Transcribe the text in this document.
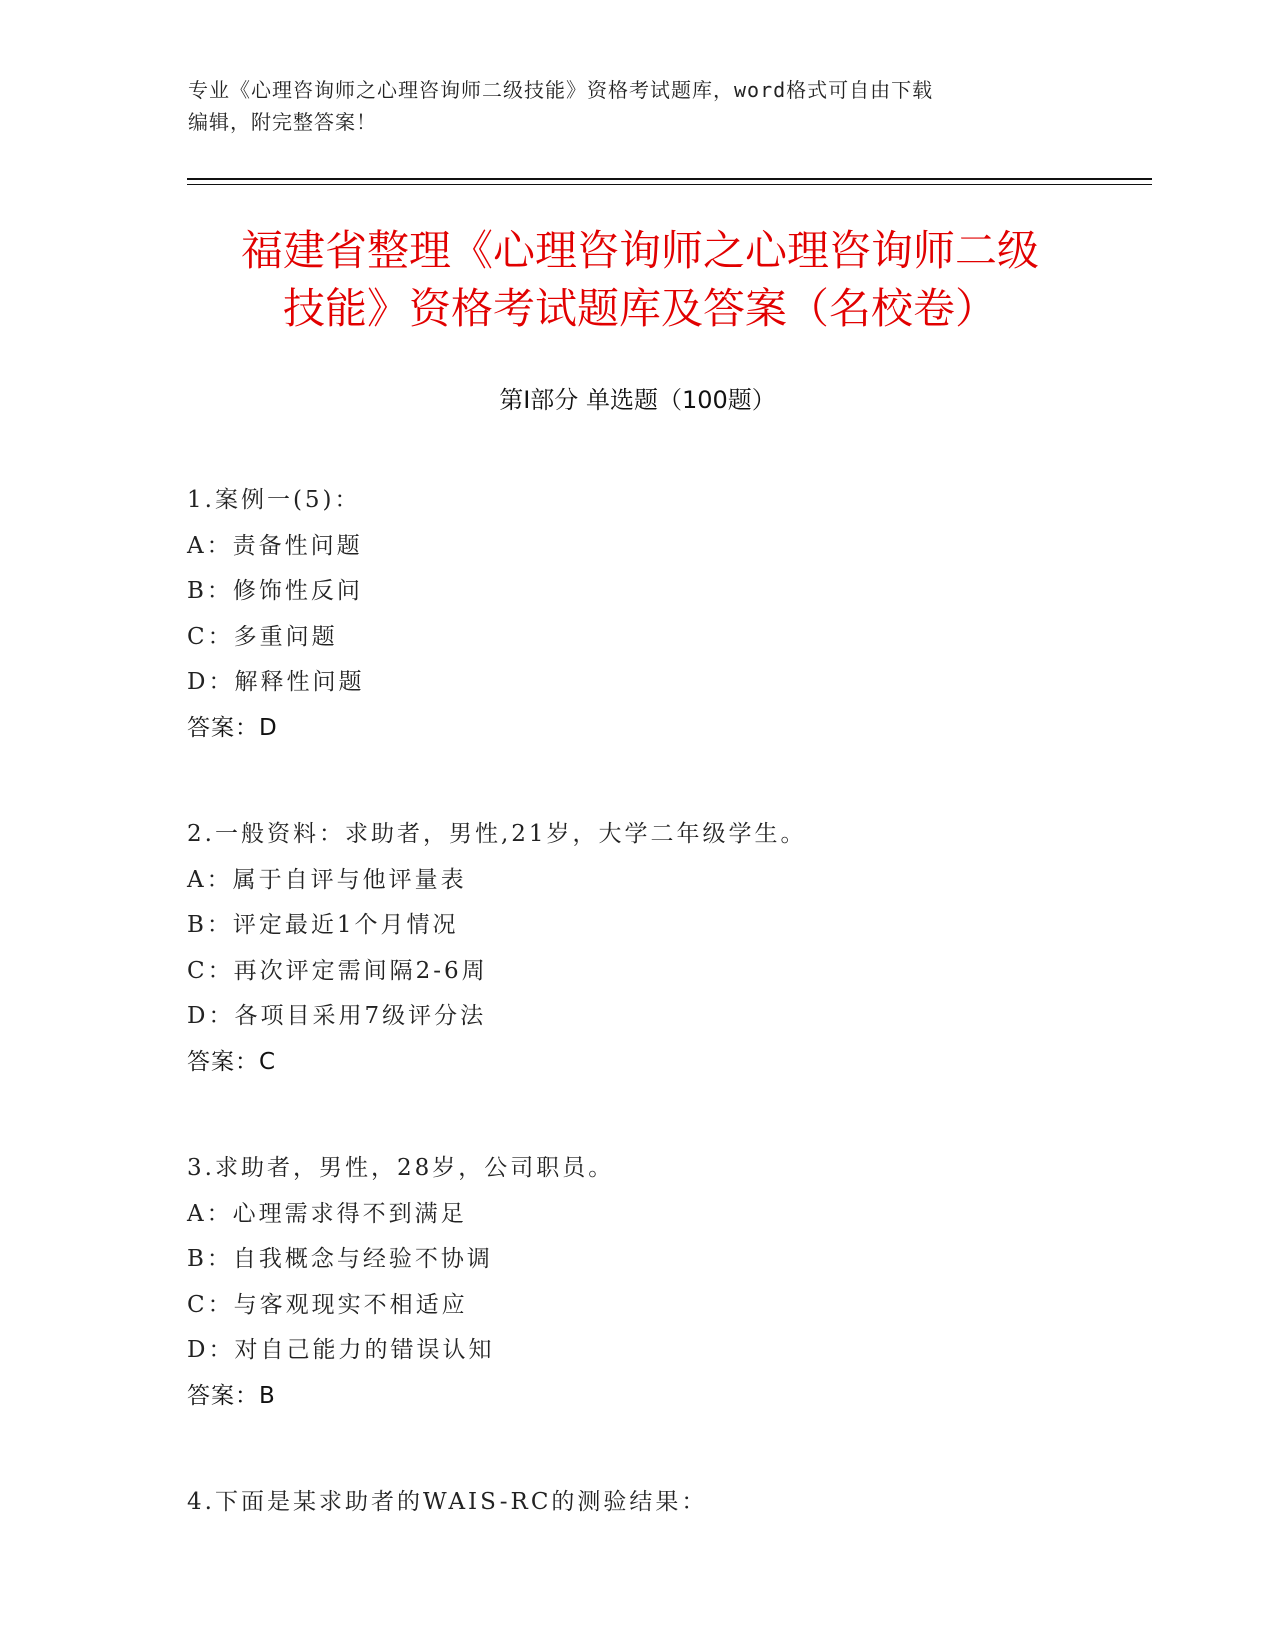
专业《心理咨询师之心理咨询师二级技能》资格考试题库，word格式可自由下载
编辑，附完整答案！
福建省整理《心理咨询师之心理咨询师二级
技能》资格考试题库及答案（名校卷）
第Ⅰ部分 单选题（100题）
1.案例一(5)：
A：责备性问题
B：修饰性反问
C：多重问题
D：解释性问题
答案：D
2.一般资料：求助者，男性,21岁，大学二年级学生。
A：属于自评与他评量表
B：评定最近1个月情况
C：再次评定需间隔2-6周
D：各项目采用7级评分法
答案：C
3.求助者，男性，28岁，公司职员。
A：心理需求得不到满足
B：自我概念与经验不协调
C：与客观现实不相适应
D：对自己能力的错误认知
答案：B
4.下面是某求助者的WAIS-RC的测验结果：
